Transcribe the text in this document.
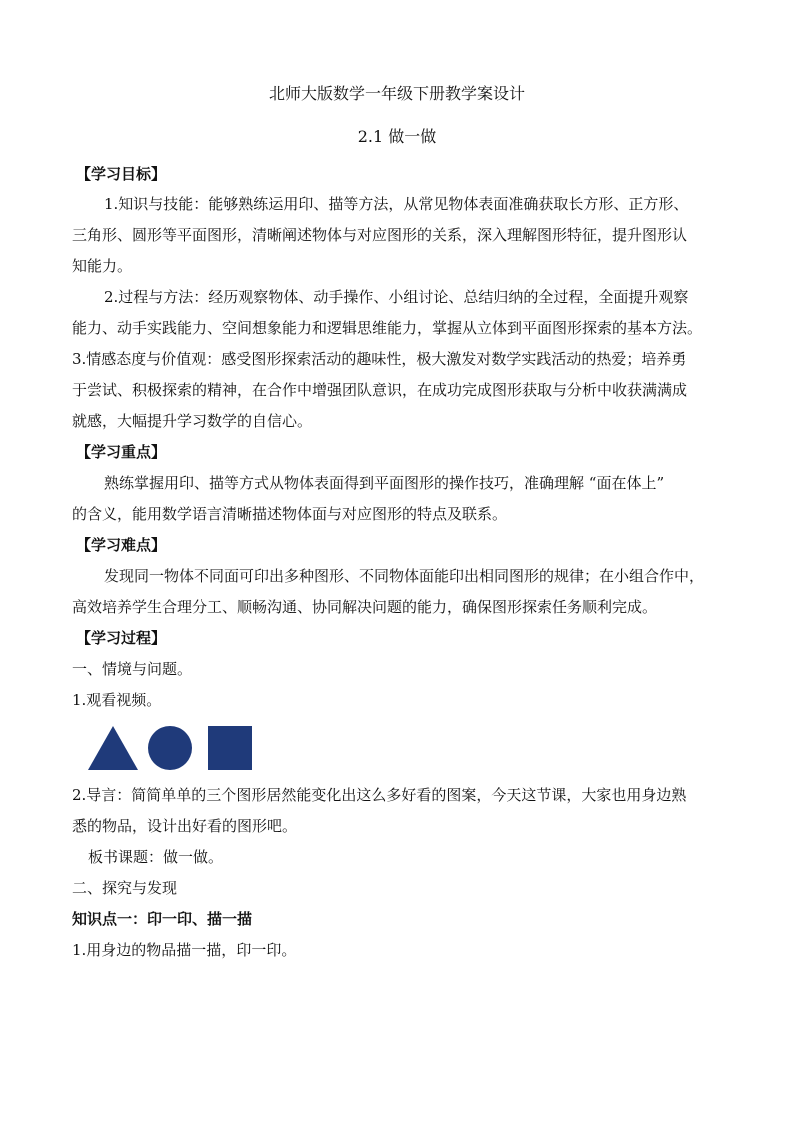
北师大版数学一年级下册教学案设计
2.1 做一做
【学习目标】
1.知识与技能：能够熟练运用印、描等方法，从常见物体表面准确获取长方形、正方形、
三角形、圆形等平面图形，清晰阐述物体与对应图形的关系，深入理解图形特征，提升图形认
知能力。
2.过程与方法：经历观察物体、动手操作、小组讨论、总结归纳的全过程，全面提升观察
能力、动手实践能力、空间想象能力和逻辑思维能力，掌握从立体到平面图形探索的基本方法。
3.情感态度与价值观：感受图形探索活动的趣味性，极大激发对数学实践活动的热爱；培养勇
于尝试、积极探索的精神，在合作中增强团队意识，在成功完成图形获取与分析中收获满满成
就感，大幅提升学习数学的自信心。
【学习重点】
熟练掌握用印、描等方式从物体表面得到平面图形的操作技巧，准确理解 “面在体上”
的含义，能用数学语言清晰描述物体面与对应图形的特点及联系。
【学习难点】
发现同一物体不同面可印出多种图形、不同物体面能印出相同图形的规律；在小组合作中，
高效培养学生合理分工、顺畅沟通、协同解决问题的能力，确保图形探索任务顺利完成。
【学习过程】
一、情境与问题。
1.观看视频。
2.导言：简简单单的三个图形居然能变化出这么多好看的图案，今天这节课，大家也用身边熟
悉的物品，设计出好看的图形吧。
板书课题：做一做。
二、探究与发现
知识点一：印一印、描一描
1.用身边的物品描一描，印一印。
